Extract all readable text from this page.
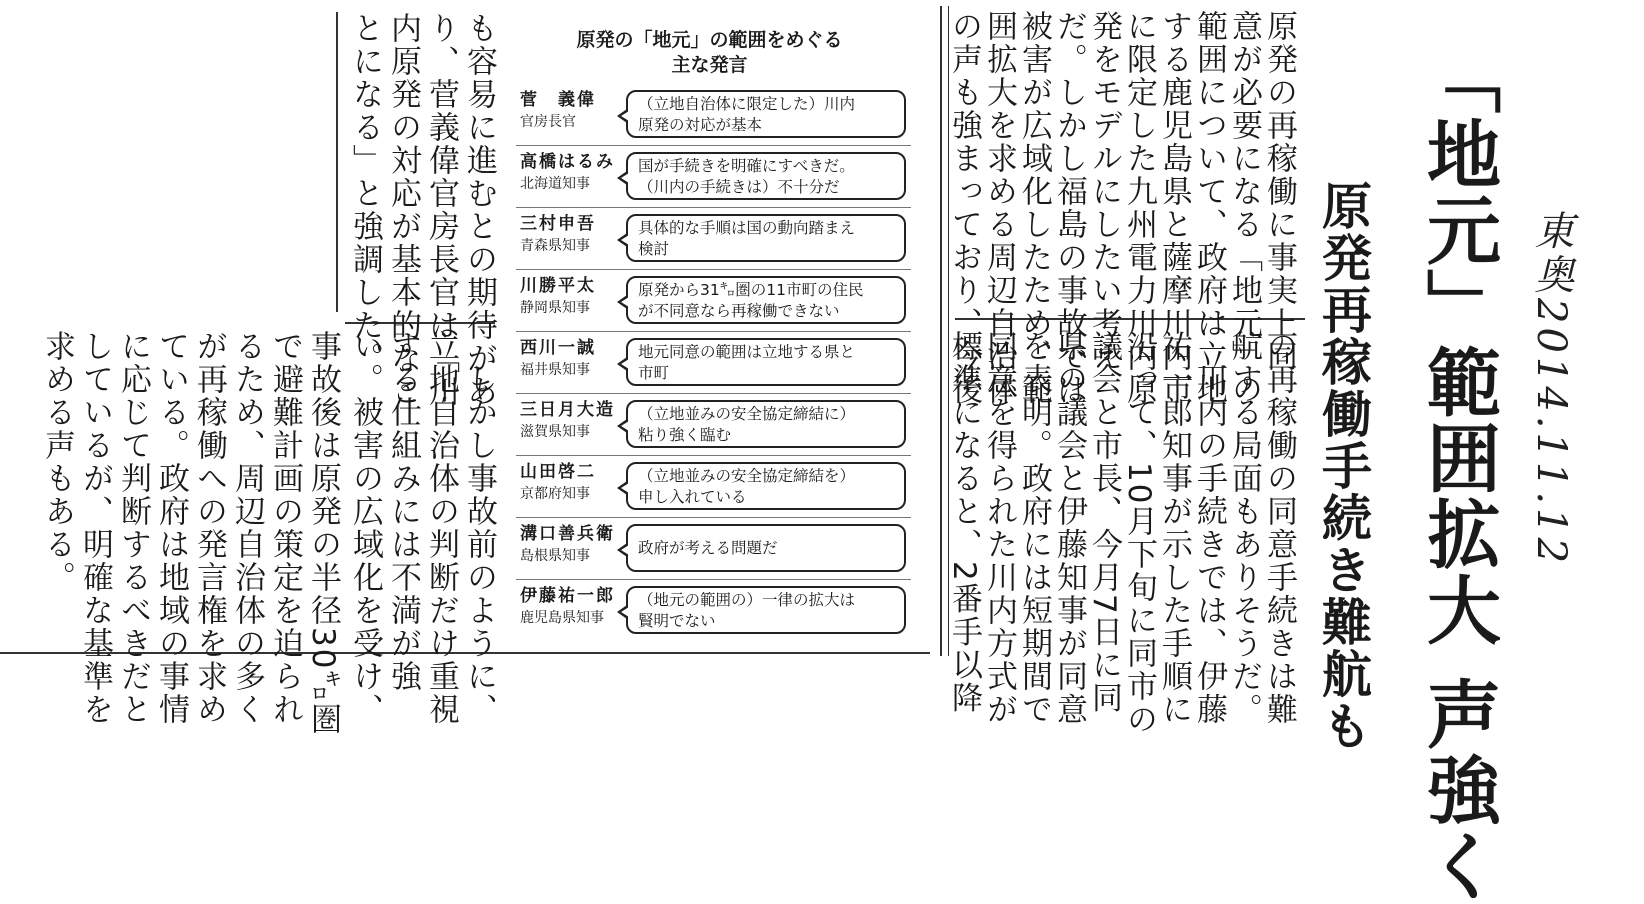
「地元」範囲拡大 声強く
原発再稼働手続き難航も	東奥2014.11.12
原発の再稼働に事実上同
意が必要になる「地元」の
範囲について、政府は立地
する鹿児島県と薩摩川内市
に限定した九州電力川内原
発をモデルにしたい考え
だ。しかし福島の事故では
被害が広域化したため、範
囲拡大を求める周辺自治体
の声も強まっており、今後
の再稼働の同意手続きは難
航する局面もありそうだ。
　川内の手続きでは、伊藤
祐一郎知事が示した手順に
沿って、10月下旬に同市の
議会と市長、今月7日に同
県の議会と伊藤知事が同意
を表明。政府には短期間で
同意を得られた川内方式が
標準になると、2番手以降
も容易に進むとの期待があ
り、菅義偉官房長官は「川
内原発の対応が基本的なこ
とになる」と強調した。
　しかし事故前のように、
立地自治体の判断だけ重視
する仕組みには不満が強
い。被害の広域化を受け、
事故後は原発の半径30㌔圏
で避難計画の策定を迫られ
るため、周辺自治体の多く
が再稼働への発言権を求め
ている。政府は地域の事情
に応じて判断するべきだと
しているが、明確な基準を
求める声もある。
原発の「地元」の範囲をめぐる
主な発言
菅　義偉
官房長官
（立地自治体に限定した）川内
原発の対応が基本
高橋はるみ
北海道知事
国が手続きを明確にすべきだ。
（川内の手続きは）不十分だ
三村申吾
青森県知事
具体的な手順は国の動向踏まえ
検討
川勝平太
静岡県知事
原発から31㌔圏の11市町の住民
が不同意なら再稼働できない
西川一誠
福井県知事
地元同意の範囲は立地する県と
市町
三日月大造
滋賀県知事
（立地並みの安全協定締結に）
粘り強く臨む
山田啓二
京都府知事
（立地並みの安全協定締結を）
申し入れている
溝口善兵衛
島根県知事	政府が考える問題だ
伊藤祐一郎
鹿児島県知事
（地元の範囲の）一律の拡大は
賢明でない
